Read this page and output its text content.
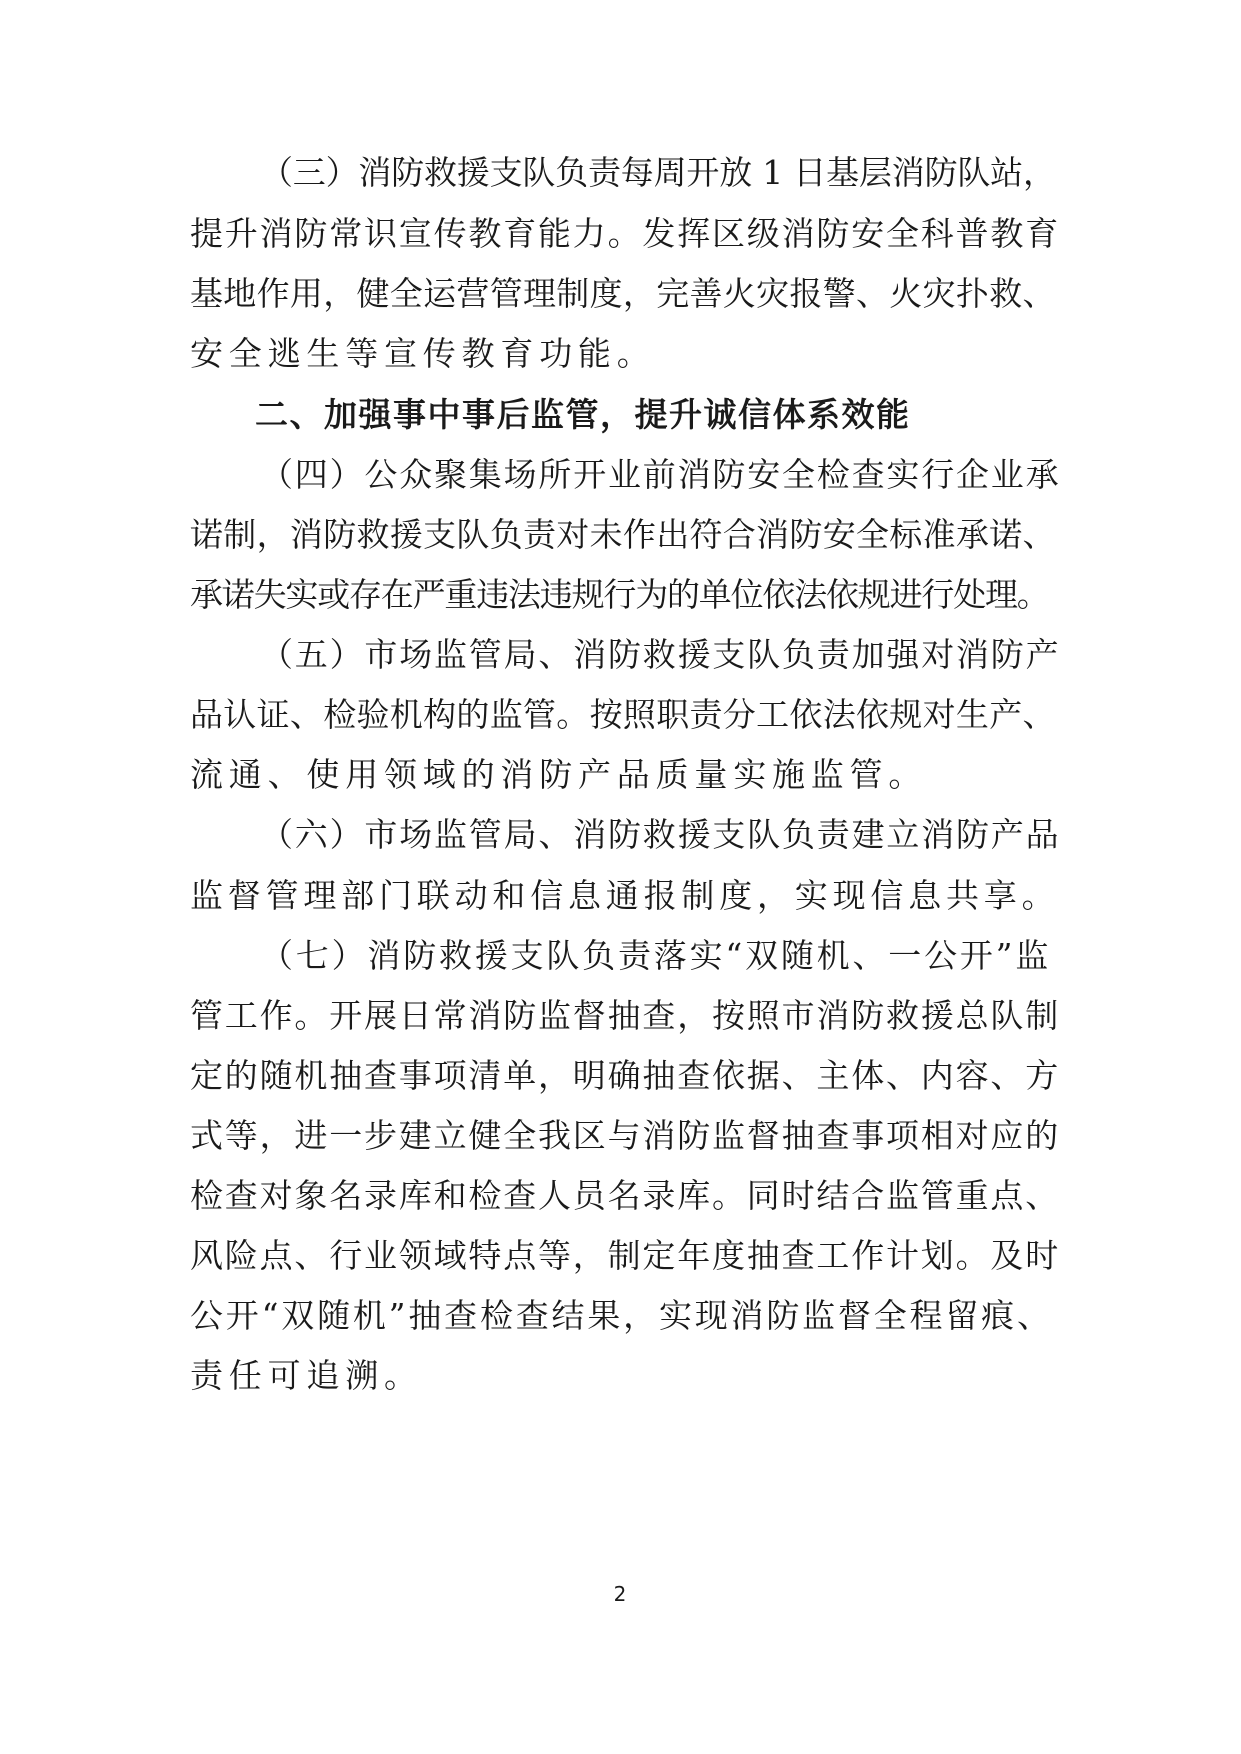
（三）消防救援支队负责每周开放 1 日基层消防队站，
提升消防常识宣传教育能力。发挥区级消防安全科普教育
基地作用，健全运营管理制度，完善火灾报警、火灾扑救、
安全逃生等宣传教育功能。
二、加强事中事后监管，提升诚信体系效能
（四）公众聚集场所开业前消防安全检查实行企业承
诺制，消防救援支队负责对未作出符合消防安全标准承诺、
承诺失实或存在严重违法违规行为的单位依法依规进行处理。
（五）市场监管局、消防救援支队负责加强对消防产
品认证、检验机构的监管。按照职责分工依法依规对生产、
流通、使用领域的消防产品质量实施监管。
（六）市场监管局、消防救援支队负责建立消防产品
监督管理部门联动和信息通报制度，实现信息共享。
（七）消防救援支队负责落实“双随机、一公开”监
管工作。开展日常消防监督抽查，按照市消防救援总队制
定的随机抽查事项清单，明确抽查依据、主体、内容、方
式等，进一步建立健全我区与消防监督抽查事项相对应的
检查对象名录库和检查人员名录库。同时结合监管重点、
风险点、行业领域特点等，制定年度抽查工作计划。及时
公开“双随机”抽查检查结果，实现消防监督全程留痕、
责任可追溯。
2
